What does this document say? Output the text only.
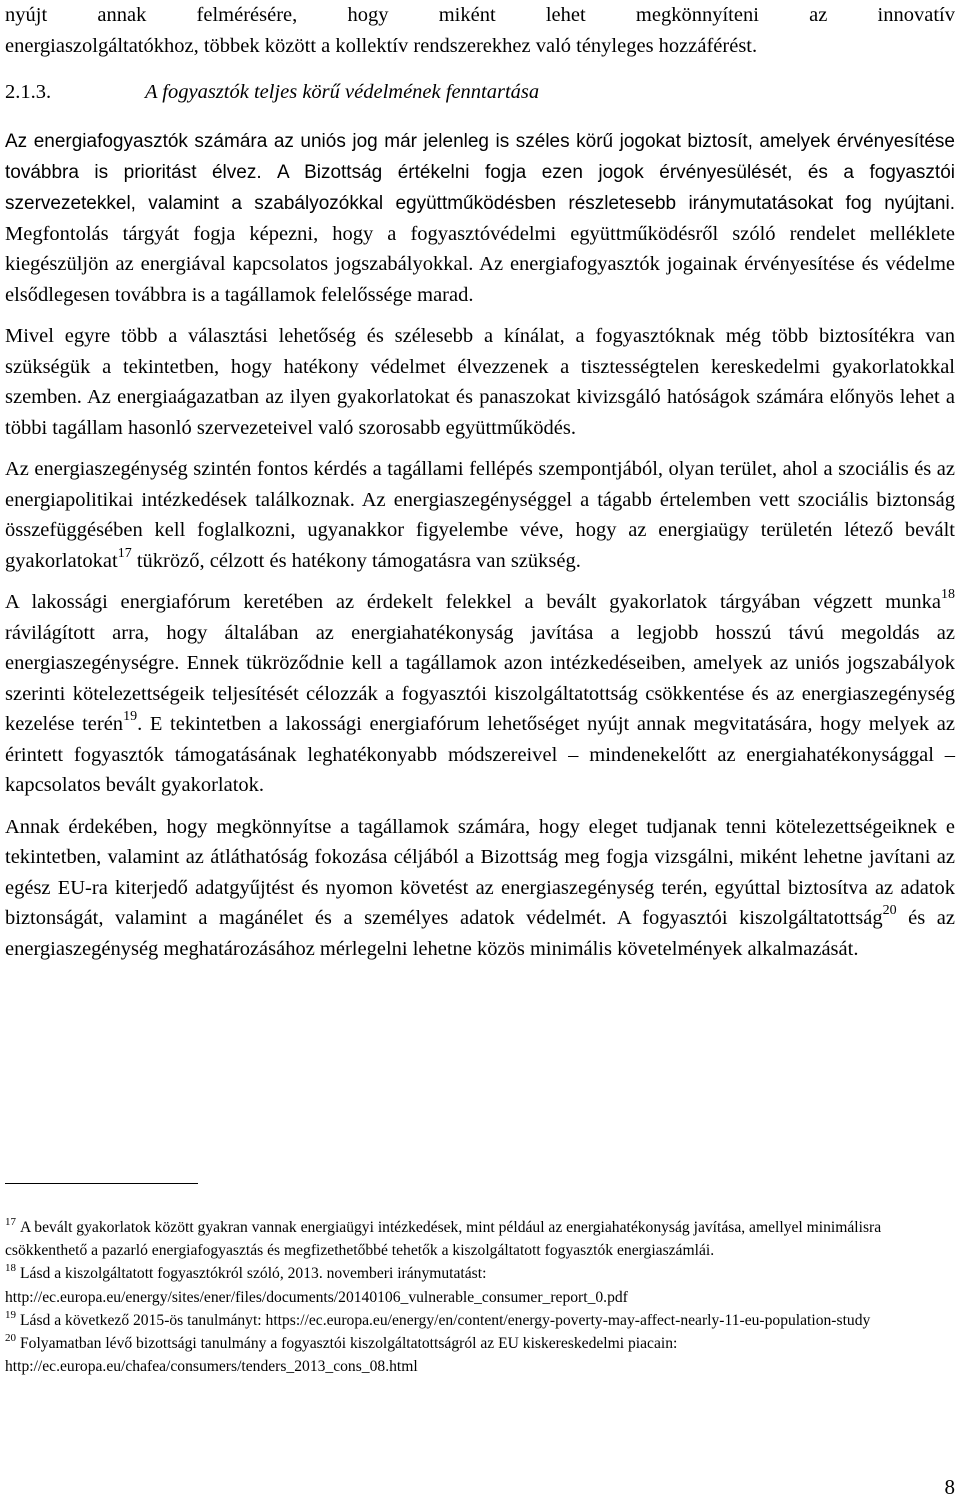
nyújt annak felmérésére, hogy miként lehet megkönnyíteni az innovatív

energiaszolgáltatókhoz, többek között a kollektív rendszerekhez való tényleges hozzáférést.

2.1.3.	A fogyasztók teljes körű védelmének fenntartása

Az energiafogyasztók számára az uniós jog már jelenleg is széles körű jogokat biztosít, amelyek érvényesítése továbbra is prioritást élvez. A Bizottság értékelni fogja ezen jogok érvényesülését, és a fogyasztói szervezetekkel, valamint a szabályozókkal együttműködésben részletesebb iránymutatásokat fog nyújtani. Megfontolás tárgyát fogja képezni, hogy a fogyasztóvédelmi együttműködésről szóló rendelet melléklete kiegészüljön az energiával kapcsolatos jogszabályokkal. Az energiafogyasztók jogainak érvényesítése és védelme elsődlegesen továbbra is a tagállamok felelőssége marad.

Mivel egyre több a választási lehetőség és szélesebb a kínálat, a fogyasztóknak még több biztosítékra van szükségük a tekintetben, hogy hatékony védelmet élvezzenek a tisztességtelen kereskedelmi gyakorlatokkal szemben. Az energiaágazatban az ilyen gyakorlatokat és panaszokat kivizsgáló hatóságok számára előnyös lehet a többi tagállam hasonló szervezeteivel való szorosabb együttműködés.

Az energiaszegénység szintén fontos kérdés a tagállami fellépés szempontjából, olyan terület, ahol a szociális és az energiapolitikai intézkedések találkoznak. Az energiaszegénységgel a tágabb értelemben vett szociális biztonság összefüggésében kell foglalkozni, ugyanakkor figyelembe véve, hogy az energiaügy területén létező bevált gyakorlatokat$^{17}$ tükröző, célzott és hatékony támogatásra van szükség.

A lakossági energiafórum keretében az érdekelt felekkel a bevált gyakorlatok tárgyában végzett munka$^{18}$ rávilágított arra, hogy általában az energiahatékonyság javítása a legjobb hosszú távú megoldás az energiaszegénységre. Ennek tükröződnie kell a tagállamok azon intézkedéseiben, amelyek az uniós jogszabályok szerinti kötelezettségeik teljesítését célozzák a fogyasztói kiszolgáltatottság csökkentése és az energiaszegénység kezelése terén$^{19}$. E tekintetben a lakossági energiafórum lehetőséget nyújt annak megvitatására, hogy melyek az érintett fogyasztók támogatásának leghatékonyabb módszereivel – mindenekelőtt az energiahatékonysággal – kapcsolatos bevált gyakorlatok.

Annak érdekében, hogy megkönnyítse a tagállamok számára, hogy eleget tudjanak tenni kötelezettségeiknek e tekintetben, valamint az átláthatóság fokozása céljából a Bizottság meg fogja vizsgálni, miként lehetne javítani az egész EU-ra kiterjedő adatgyűjtést és nyomon követést az energiaszegénység terén, egyúttal biztosítva az adatok biztonságát, valamint a magánélet és a személyes adatok védelmét. A fogyasztói kiszolgáltatottság$^{20}$ és az energiaszegénység meghatározásához mérlegelni lehetne közös minimális követelmények alkalmazását.

$^{17}$ A bevált gyakorlatok között gyakran vannak energiaügyi intézkedések, mint például az energiahatékonyság javítása, amellyel minimálisra csökkenthető a pazarló energiafogyasztás és megfizethetőbbé tehetők a kiszolgáltatott fogyasztók energiaszámlái.
$^{18}$ Lásd a kiszolgáltatott fogyasztókról szóló, 2013. novemberi iránymutatást: http://ec.europa.eu/energy/sites/ener/files/documents/20140106_vulnerable_consumer_report_0.pdf
$^{19}$ Lásd a következő 2015-ös tanulmányt: https://ec.europa.eu/energy/en/content/energy-poverty-may-affect-nearly-11-eu-population-study
$^{20}$ Folyamatban lévő bizottsági tanulmány a fogyasztói kiszolgáltatottságról az EU kiskereskedelmi piacain: http://ec.europa.eu/chafea/consumers/tenders_2013_cons_08.html
8
